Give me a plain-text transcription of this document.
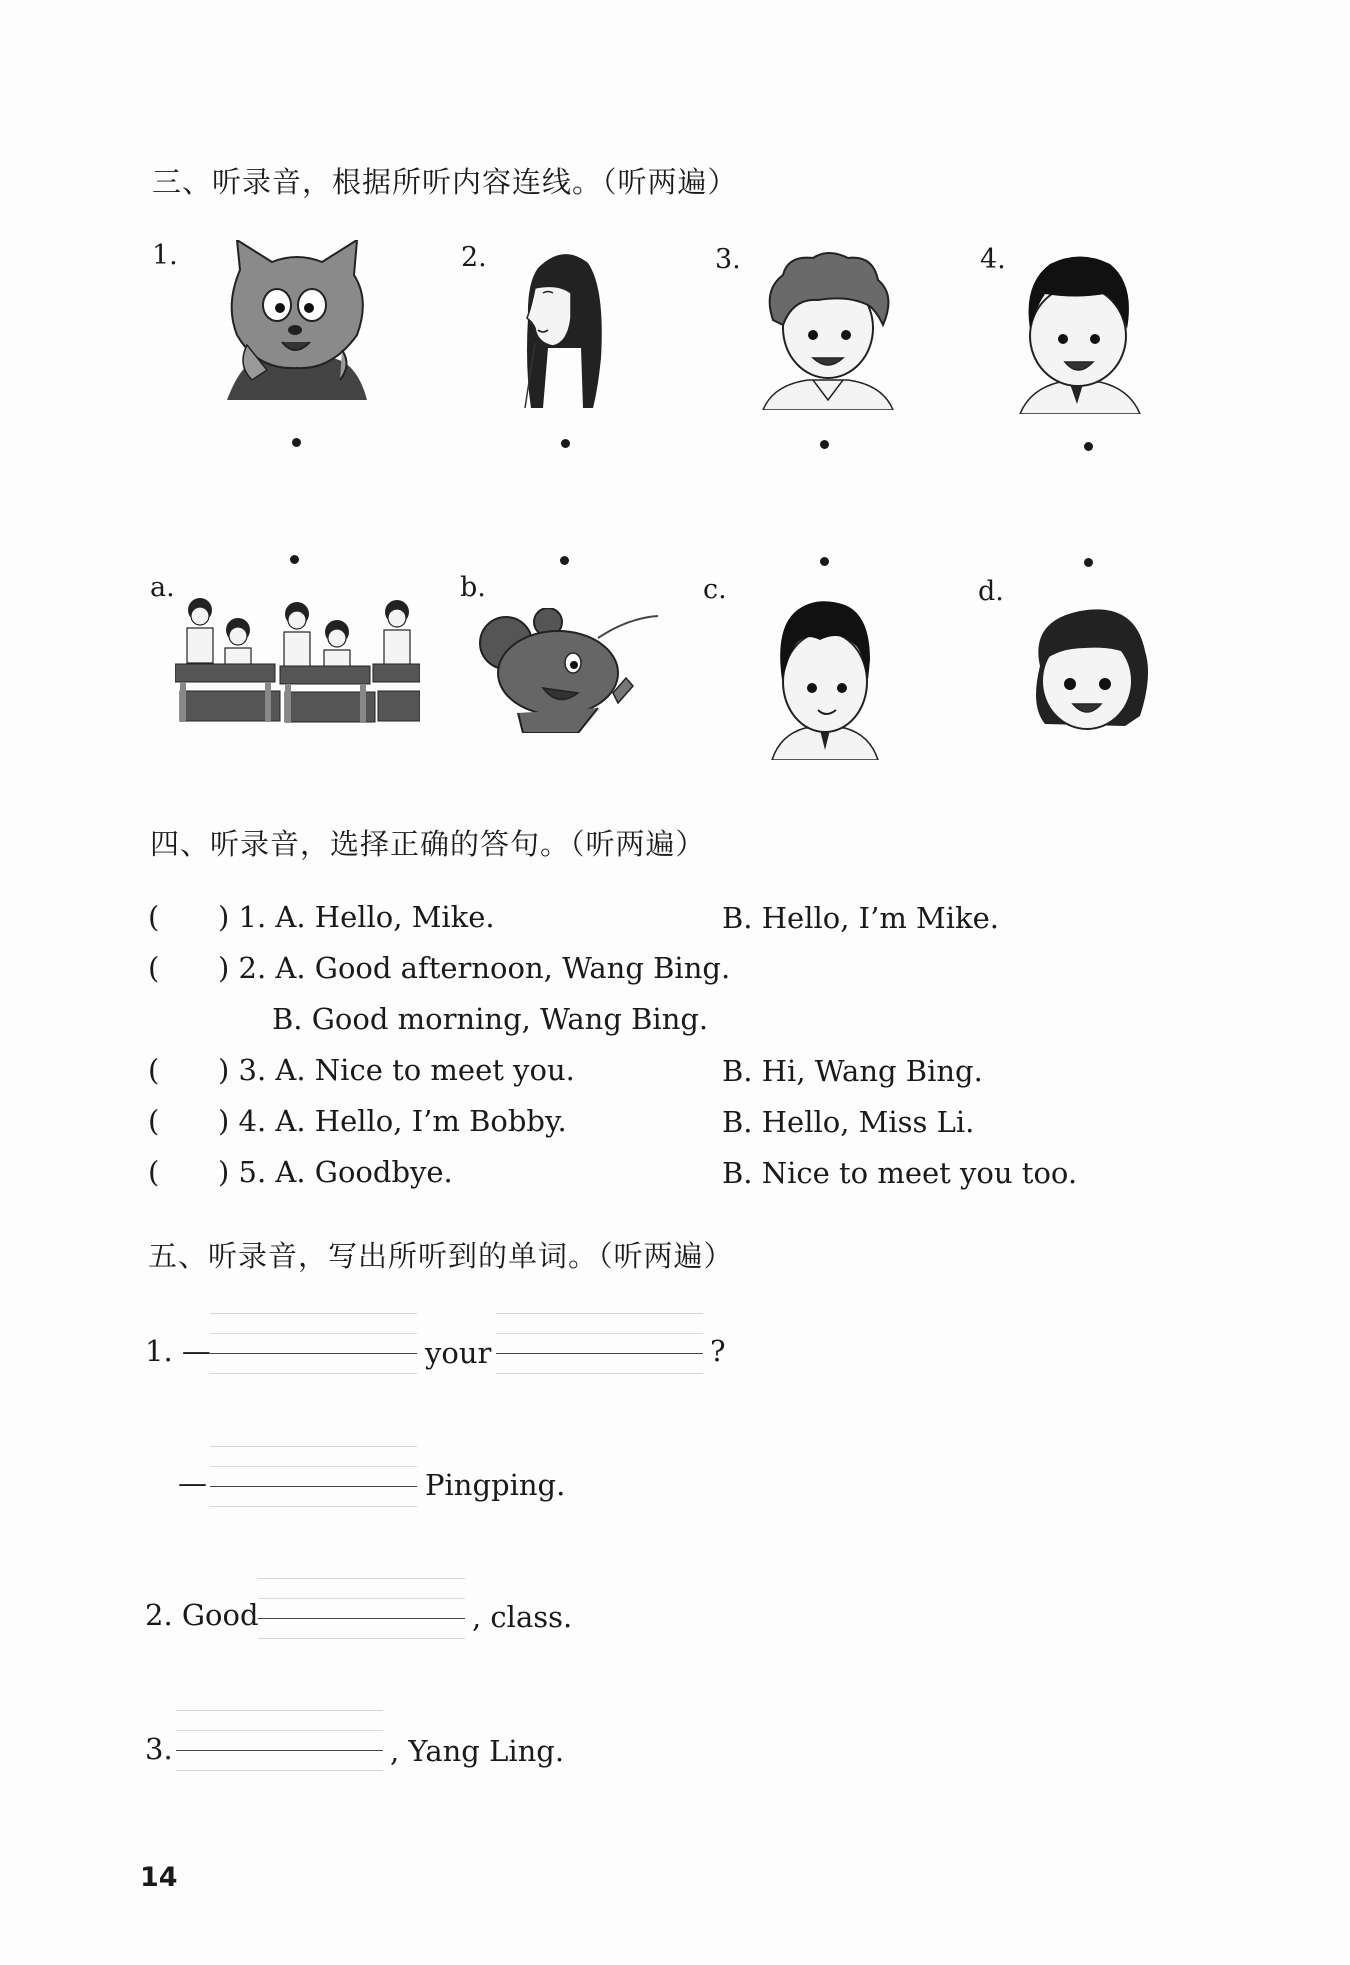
三、听录音，根据所听内容连线。（听两遍）
1.	2.	3.	4.
a.	b.	c.	d.
四、听录音，选择正确的答句。（听两遍）
( ) 1. A. Hello, Mike.	B. Hello, I’m Mike.
( ) 2. A. Good afternoon, Wang Bing.
B. Good morning, Wang Bing.
( ) 3. A. Nice to meet you.	B. Hi, Wang Bing.
( ) 4. A. Hello, I’m Bobby.	B. Hello, Miss Li.
( ) 5. A. Goodbye.	B. Nice to meet you too.
五、听录音，写出所听到的单词。（听两遍）
1. —	your	?
—	Pingping.
2. Good	, class.
3.	, Yang Ling.
14
